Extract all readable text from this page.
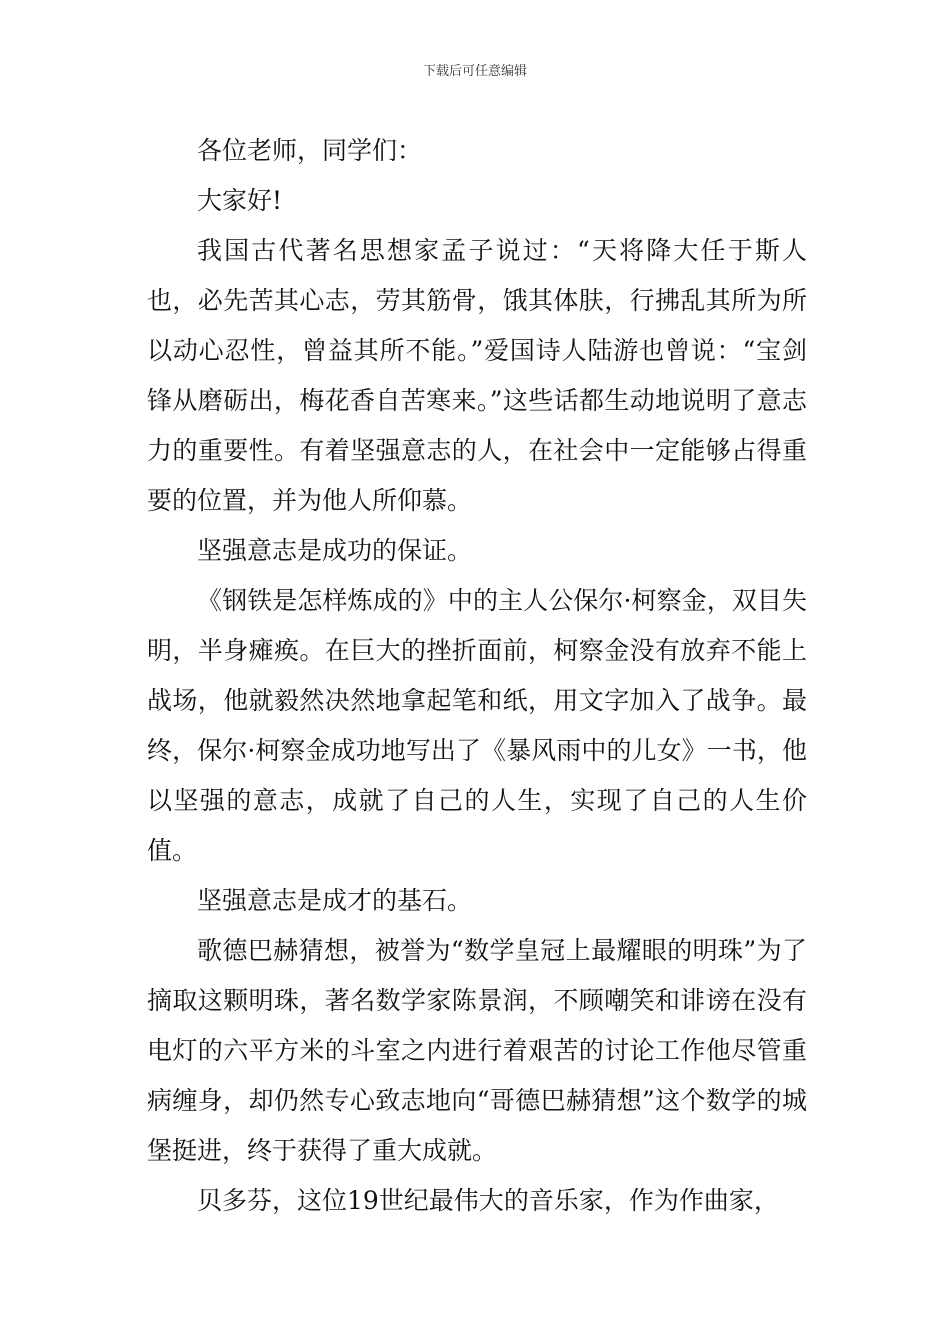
下载后可任意编辑

各位老师，同学们：

大家好!

我国古代著名思想家孟子说过：“天将降大任于斯人也，必先苦其心志，劳其筋骨，饿其体肤，行拂乱其所为所以动心忍性，曾益其所不能。”爱国诗人陆游也曾说：“宝剑锋从磨砺出，梅花香自苦寒来。”这些话都生动地说明了意志力的重要性。有着坚强意志的人，在社会中一定能够占得重要的位置，并为他人所仰慕。

坚强意志是成功的保证。

《钢铁是怎样炼成的》中的主人公保尔·柯察金，双目失明，半身瘫痪。在巨大的挫折面前，柯察金没有放弃不能上战场，他就毅然决然地拿起笔和纸，用文字加入了战争。最终，保尔·柯察金成功地写出了《暴风雨中的儿女》一书，他以坚强的意志，成就了自己的人生，实现了自己的人生价值。

坚强意志是成才的基石。

歌德巴赫猜想，被誉为“数学皇冠上最耀眼的明珠”为了摘取这颗明珠，著名数学家陈景润，不顾嘲笑和诽谤在没有电灯的六平方米的斗室之内进行着艰苦的讨论工作他尽管重病缠身，却仍然专心致志地向“哥德巴赫猜想”这个数学的城堡挺进，终于获得了重大成就。

贝多芬，这位19世纪最伟大的音乐家，作为作曲家，
